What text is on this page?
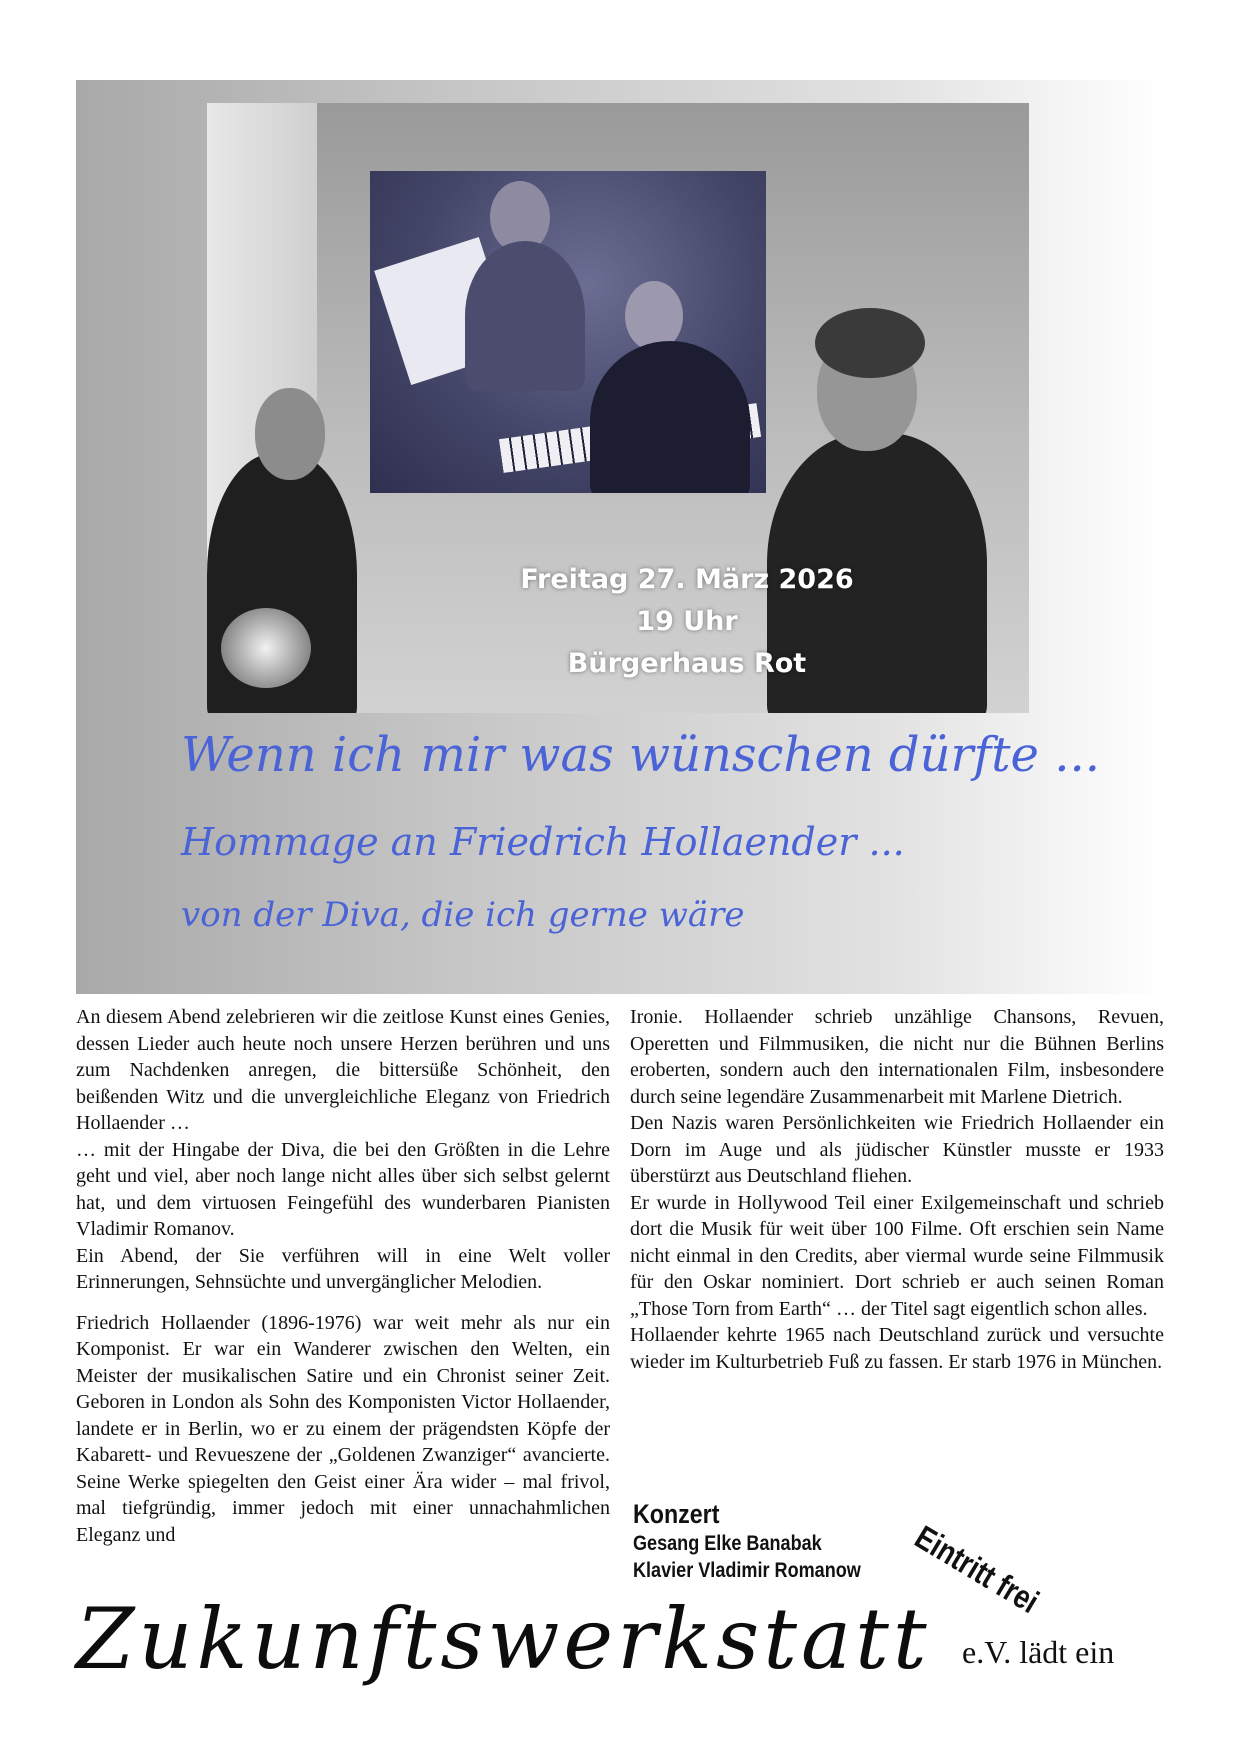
Freitag 27. März 2026
19 Uhr
Bürgerhaus Rot
Wenn ich mir was wünschen dürfte ...
Hommage an Friedrich Hollaender ...
von der Diva, die ich gerne wäre

An diesem Abend zelebrieren wir die zeitlose Kunst eines Genies, dessen Lieder auch heute noch unsere Herzen berühren und uns zum Nachdenken anregen, die bittersüße Schönheit, den beißenden Witz und die unvergleichliche Eleganz von Friedrich Hollaender …

… mit der Hingabe der Diva, die bei den Größten in die Lehre geht und viel, aber noch lange nicht alles über sich selbst gelernt hat, und dem virtuosen Feingefühl des wunderbaren Pianisten Vladimir Romanov.

Ein Abend, der Sie verführen will in eine Welt voller Erinnerungen, Sehnsüchte und unvergänglicher Melodien.

Friedrich Hollaender (1896-1976) war weit mehr als nur ein Komponist. Er war ein Wanderer zwischen den Welten, ein Meister der musikalischen Satire und ein Chronist seiner Zeit. Geboren in London als Sohn des Komponisten Victor Hollaender, landete er in Berlin, wo er zu einem der prägendsten Köpfe der Kabarett- und Revueszene der „Goldenen Zwanziger“ avancierte. Seine Werke spiegelten den Geist einer Ära wider – mal frivol, mal tiefgründig, immer jedoch mit einer unnachahmlichen Eleganz und

Ironie. Hollaender schrieb unzählige Chansons, Revuen, Operetten und Filmmusiken, die nicht nur die Bühnen Berlins eroberten, sondern auch den internationalen Film, insbesondere durch seine legendäre Zusammenarbeit mit Marlene Dietrich.

Den Nazis waren Persönlichkeiten wie Friedrich Hollaender ein Dorn im Auge und als jüdischer Künstler musste er 1933 überstürzt aus Deutschland fliehen.

Er wurde in Hollywood Teil einer Exilgemeinschaft und schrieb dort die Musik für weit über 100 Filme. Oft erschien sein Name nicht einmal in den Credits, aber viermal wurde seine Filmmusik für den Oskar nominiert. Dort schrieb er auch seinen Roman „Those Torn from Earth“ … der Titel sagt eigentlich schon alles.

Hollaender kehrte 1965 nach Deutschland zurück und versuchte wieder im Kulturbetrieb Fuß zu fassen. Er starb 1976 in München.

Konzert
Gesang Elke Banabak
Klavier Vladimir Romanow Eintritt frei
Zukunftswerkstatt e.V. lädt ein
